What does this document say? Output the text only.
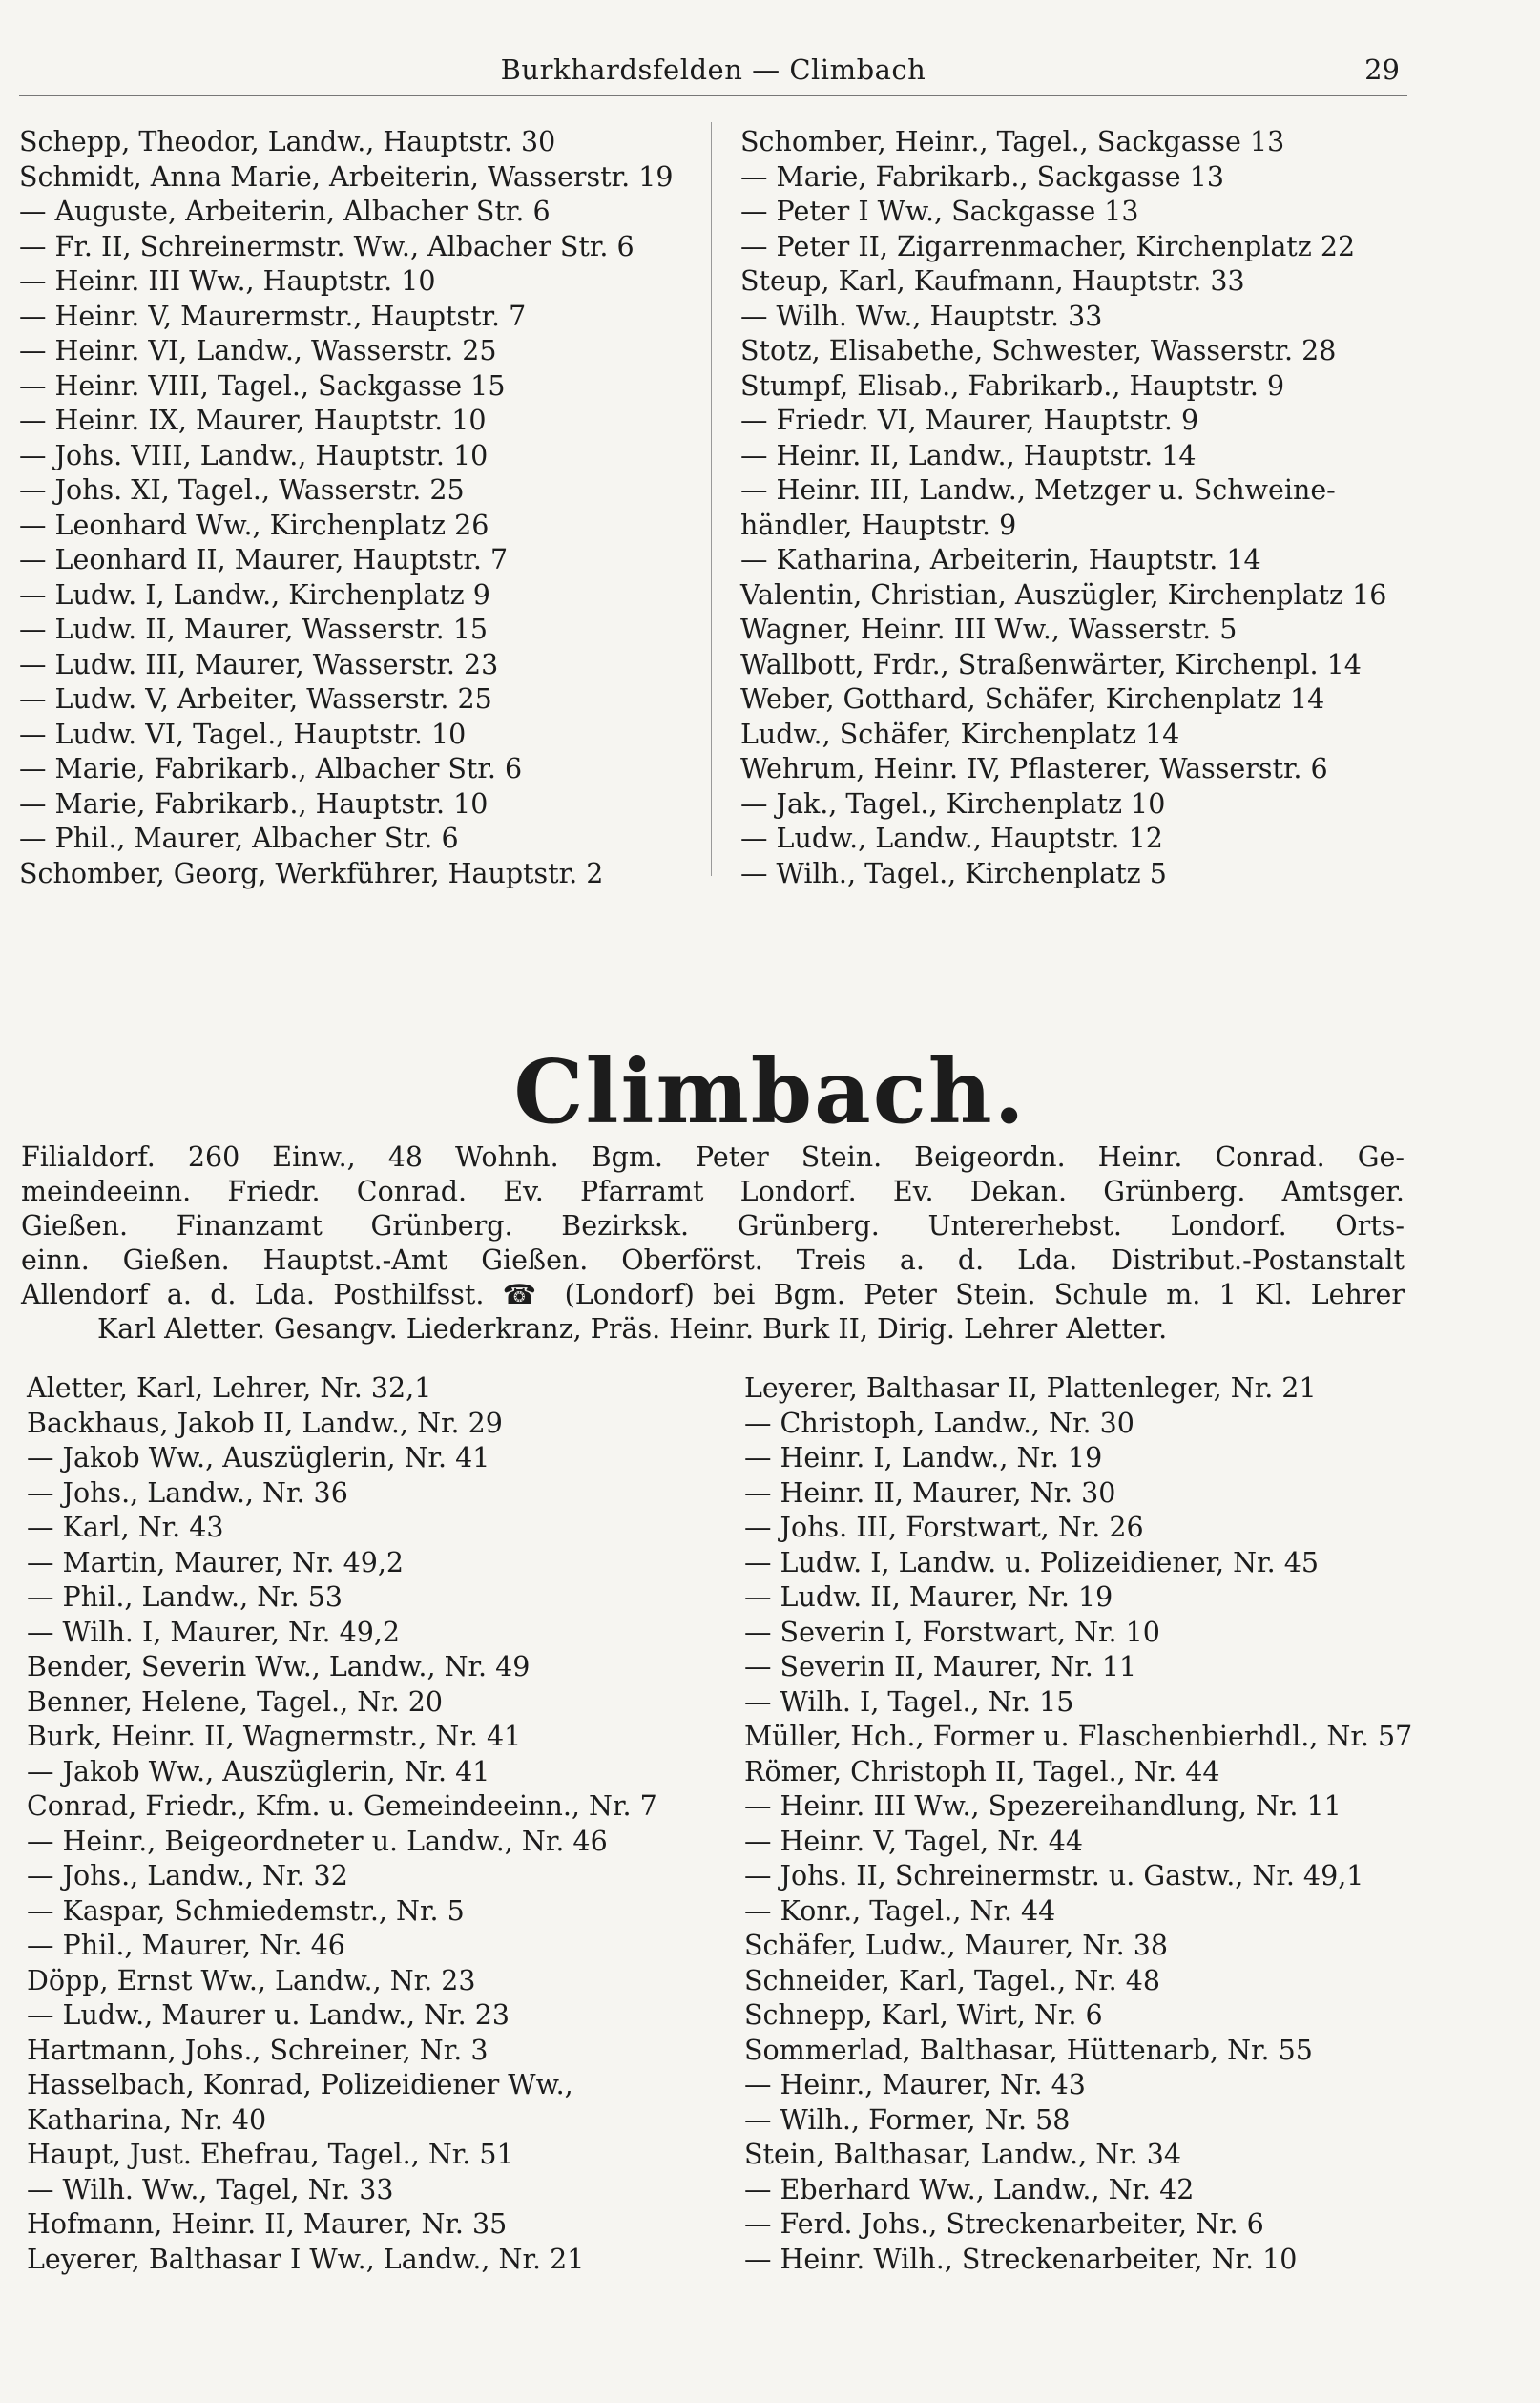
Burkhardsfelden — Climbach	29
Schepp, Theodor, Landw., Hauptstr. 30
Schmidt, Anna Marie, Arbeiterin, Wasserstr. 19
— Auguste, Arbeiterin, Albacher Str. 6
— Fr. II, Schreinermstr. Ww., Albacher Str. 6
— Heinr. III Ww., Hauptstr. 10
— Heinr. V, Maurermstr., Hauptstr. 7
— Heinr. VI, Landw., Wasserstr. 25
— Heinr. VIII, Tagel., Sackgasse 15
— Heinr. IX, Maurer, Hauptstr. 10
— Johs. VIII, Landw., Hauptstr. 10
— Johs. XI, Tagel., Wasserstr. 25
— Leonhard Ww., Kirchenplatz 26
— Leonhard II, Maurer, Hauptstr. 7
— Ludw. I, Landw., Kirchenplatz 9
— Ludw. II, Maurer, Wasserstr. 15
— Ludw. III, Maurer, Wasserstr. 23
— Ludw. V, Arbeiter, Wasserstr. 25
— Ludw. VI, Tagel., Hauptstr. 10
— Marie, Fabrikarb., Albacher Str. 6
— Marie, Fabrikarb., Hauptstr. 10
— Phil., Maurer, Albacher Str. 6
Schomber, Georg, Werkführer, Hauptstr. 2
Schomber, Heinr., Tagel., Sackgasse 13
— Marie, Fabrikarb., Sackgasse 13
— Peter I Ww., Sackgasse 13
— Peter II, Zigarrenmacher, Kirchenplatz 22
Steup, Karl, Kaufmann, Hauptstr. 33
— Wilh. Ww., Hauptstr. 33
Stotz, Elisabethe, Schwester, Wasserstr. 28
Stumpf, Elisab., Fabrikarb., Hauptstr. 9
— Friedr. VI, Maurer, Hauptstr. 9
— Heinr. II, Landw., Hauptstr. 14
— Heinr. III, Landw., Metzger u. Schweine-
händler, Hauptstr. 9
— Katharina, Arbeiterin, Hauptstr. 14
Valentin, Christian, Auszügler, Kirchenplatz 16
Wagner, Heinr. III Ww., Wasserstr. 5
Wallbott, Frdr., Straßenwärter, Kirchenpl. 14
Weber, Gotthard, Schäfer, Kirchenplatz 14
Ludw., Schäfer, Kirchenplatz 14
Wehrum, Heinr. IV, Pflasterer, Wasserstr. 6
— Jak., Tagel., Kirchenplatz 10
— Ludw., Landw., Hauptstr. 12
— Wilh., Tagel., Kirchenplatz 5
Climbach.
Filialdorf. 260 Einw., 48 Wohnh. Bgm. Peter Stein. Beigeordn. Heinr. Conrad. Ge-
meindeeinn. Friedr. Conrad. Ev. Pfarramt Londorf. Ev. Dekan. Grünberg. Amtsger.
Gießen. Finanzamt Grünberg. Bezirksk. Grünberg. Untererhebst. Londorf. Orts-
einn. Gießen. Hauptst.-Amt Gießen. Oberförst. Treis a. d. Lda. Distribut.-Postanstalt
Allendorf a. d. Lda. Posthilfsst. ☎ (Londorf) bei Bgm. Peter Stein. Schule m. 1 Kl. Lehrer
Karl Aletter. Gesangv. Liederkranz, Präs. Heinr. Burk II, Dirig. Lehrer Aletter.
Aletter, Karl, Lehrer, Nr. 32,1
Backhaus, Jakob II, Landw., Nr. 29
— Jakob Ww., Auszüglerin, Nr. 41
— Johs., Landw., Nr. 36
— Karl, Nr. 43
— Martin, Maurer, Nr. 49,2
— Phil., Landw., Nr. 53
— Wilh. I, Maurer, Nr. 49,2
Bender, Severin Ww., Landw., Nr. 49
Benner, Helene, Tagel., Nr. 20
Burk, Heinr. II, Wagnermstr., Nr. 41
— Jakob Ww., Auszüglerin, Nr. 41
Conrad, Friedr., Kfm. u. Gemeindeeinn., Nr. 7
— Heinr., Beigeordneter u. Landw., Nr. 46
— Johs., Landw., Nr. 32
— Kaspar, Schmiedemstr., Nr. 5
— Phil., Maurer, Nr. 46
Döpp, Ernst Ww., Landw., Nr. 23
— Ludw., Maurer u. Landw., Nr. 23
Hartmann, Johs., Schreiner, Nr. 3
Hasselbach, Konrad, Polizeidiener Ww.,
Katharina, Nr. 40
Haupt, Just. Ehefrau, Tagel., Nr. 51
— Wilh. Ww., Tagel, Nr. 33
Hofmann, Heinr. II, Maurer, Nr. 35
Leyerer, Balthasar I Ww., Landw., Nr. 21
Leyerer, Balthasar II, Plattenleger, Nr. 21
— Christoph, Landw., Nr. 30
— Heinr. I, Landw., Nr. 19
— Heinr. II, Maurer, Nr. 30
— Johs. III, Forstwart, Nr. 26
— Ludw. I, Landw. u. Polizeidiener, Nr. 45
— Ludw. II, Maurer, Nr. 19
— Severin I, Forstwart, Nr. 10
— Severin II, Maurer, Nr. 11
— Wilh. I, Tagel., Nr. 15
Müller, Hch., Former u. Flaschenbierhdl., Nr. 57
Römer, Christoph II, Tagel., Nr. 44
— Heinr. III Ww., Spezereihandlung, Nr. 11
— Heinr. V, Tagel, Nr. 44
— Johs. II, Schreinermstr. u. Gastw., Nr. 49,1
— Konr., Tagel., Nr. 44
Schäfer, Ludw., Maurer, Nr. 38
Schneider, Karl, Tagel., Nr. 48
Schnepp, Karl, Wirt, Nr. 6
Sommerlad, Balthasar, Hüttenarb, Nr. 55
— Heinr., Maurer, Nr. 43
— Wilh., Former, Nr. 58
Stein, Balthasar, Landw., Nr. 34
— Eberhard Ww., Landw., Nr. 42
— Ferd. Johs., Streckenarbeiter, Nr. 6
— Heinr. Wilh., Streckenarbeiter, Nr. 10
